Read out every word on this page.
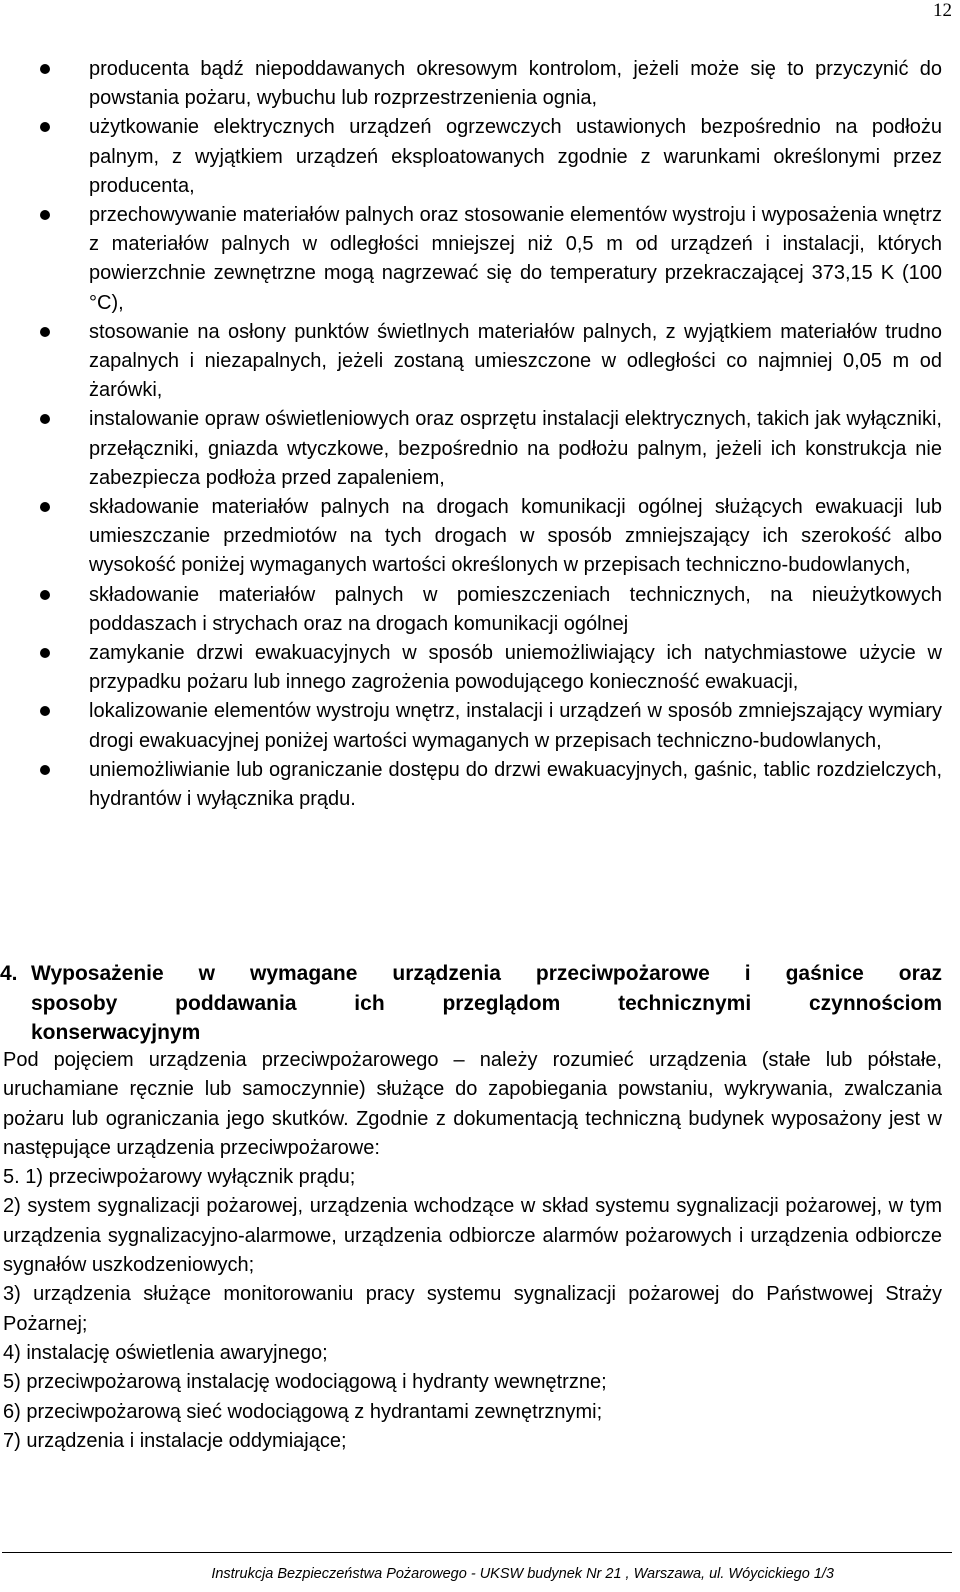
12
producenta bądź niepoddawanych okresowym kontrolom, jeżeli może się to przyczynić do powstania pożaru, wybuchu lub rozprzestrzenienia ognia,
użytkowanie elektrycznych urządzeń ogrzewczych ustawionych bezpośrednio na podłożu palnym, z wyjątkiem urządzeń eksploatowanych zgodnie z warunkami określonymi przez producenta,
przechowywanie materiałów palnych oraz stosowanie elementów wystroju i wyposażenia wnętrz z materiałów palnych w odległości mniejszej niż 0,5 m od urządzeń i instalacji, których powierzchnie zewnętrzne mogą nagrzewać się do temperatury przekraczającej 373,15 K (100 °C),
stosowanie na osłony punktów świetlnych materiałów palnych, z wyjątkiem materiałów trudno zapalnych i niezapalnych, jeżeli zostaną umieszczone w odległości co najmniej 0,05 m od żarówki,
instalowanie opraw oświetleniowych oraz osprzętu instalacji elektrycznych, takich jak wyłączniki, przełączniki, gniazda wtyczkowe, bezpośrednio na podłożu palnym, jeżeli ich konstrukcja nie zabezpiecza podłoża przed zapaleniem,
składowanie materiałów palnych na drogach komunikacji ogólnej służących ewakuacji lub umieszczanie przedmiotów na tych drogach w sposób zmniejszający ich szerokość albo wysokość poniżej wymaganych wartości określonych w przepisach techniczno-budowlanych,
składowanie materiałów palnych w pomieszczeniach technicznych, na nieużytkowych poddaszach i strychach oraz na drogach komunikacji ogólnej
zamykanie drzwi ewakuacyjnych w sposób uniemożliwiający ich natychmiastowe użycie w przypadku pożaru lub innego zagrożenia powodującego konieczność ewakuacji,
lokalizowanie elementów wystroju wnętrz, instalacji i urządzeń w sposób zmniejszający wymiary drogi ewakuacyjnej poniżej wartości wymaganych w przepisach techniczno-budowlanych,
uniemożliwianie lub ograniczanie dostępu do drzwi ewakuacyjnych, gaśnic, tablic rozdzielczych, hydrantów i wyłącznika prądu.
4. Wyposażenie w wymagane urządzenia przeciwpożarowe i gaśnice oraz
sposoby poddawania ich przeglądom technicznymi czynnościom
konserwacyjnym

Pod pojęciem urządzenia przeciwpożarowego – należy rozumieć urządzenia (stałe lub półstałe, uruchamiane ręcznie lub samoczynnie) służące do zapobiegania powstaniu, wykrywania, zwalczania pożaru lub ograniczania jego skutków. Zgodnie z dokumentacją techniczną budynek wyposażony jest w następujące urządzenia przeciwpożarowe:

5. 1) przeciwpożarowy wyłącznik prądu;

2) system sygnalizacji pożarowej, urządzenia wchodzące w skład systemu sygnalizacji pożarowej, w tym urządzenia sygnalizacyjno-alarmowe, urządzenia odbiorcze alarmów pożarowych i urządzenia odbiorcze sygnałów uszkodzeniowych;

3) urządzenia służące monitorowaniu pracy systemu sygnalizacji pożarowej do Państwowej Straży Pożarnej;

4) instalację oświetlenia awaryjnego;

5) przeciwpożarową instalację wodociągową i hydranty wewnętrzne;

6) przeciwpożarową sieć wodociągową z hydrantami zewnętrznymi;

7) urządzenia i instalacje oddymiające;

Instrukcja Bezpieczeństwa Pożarowego - UKSW budynek Nr 21 , Warszawa, ul. Wóycickiego 1/3
